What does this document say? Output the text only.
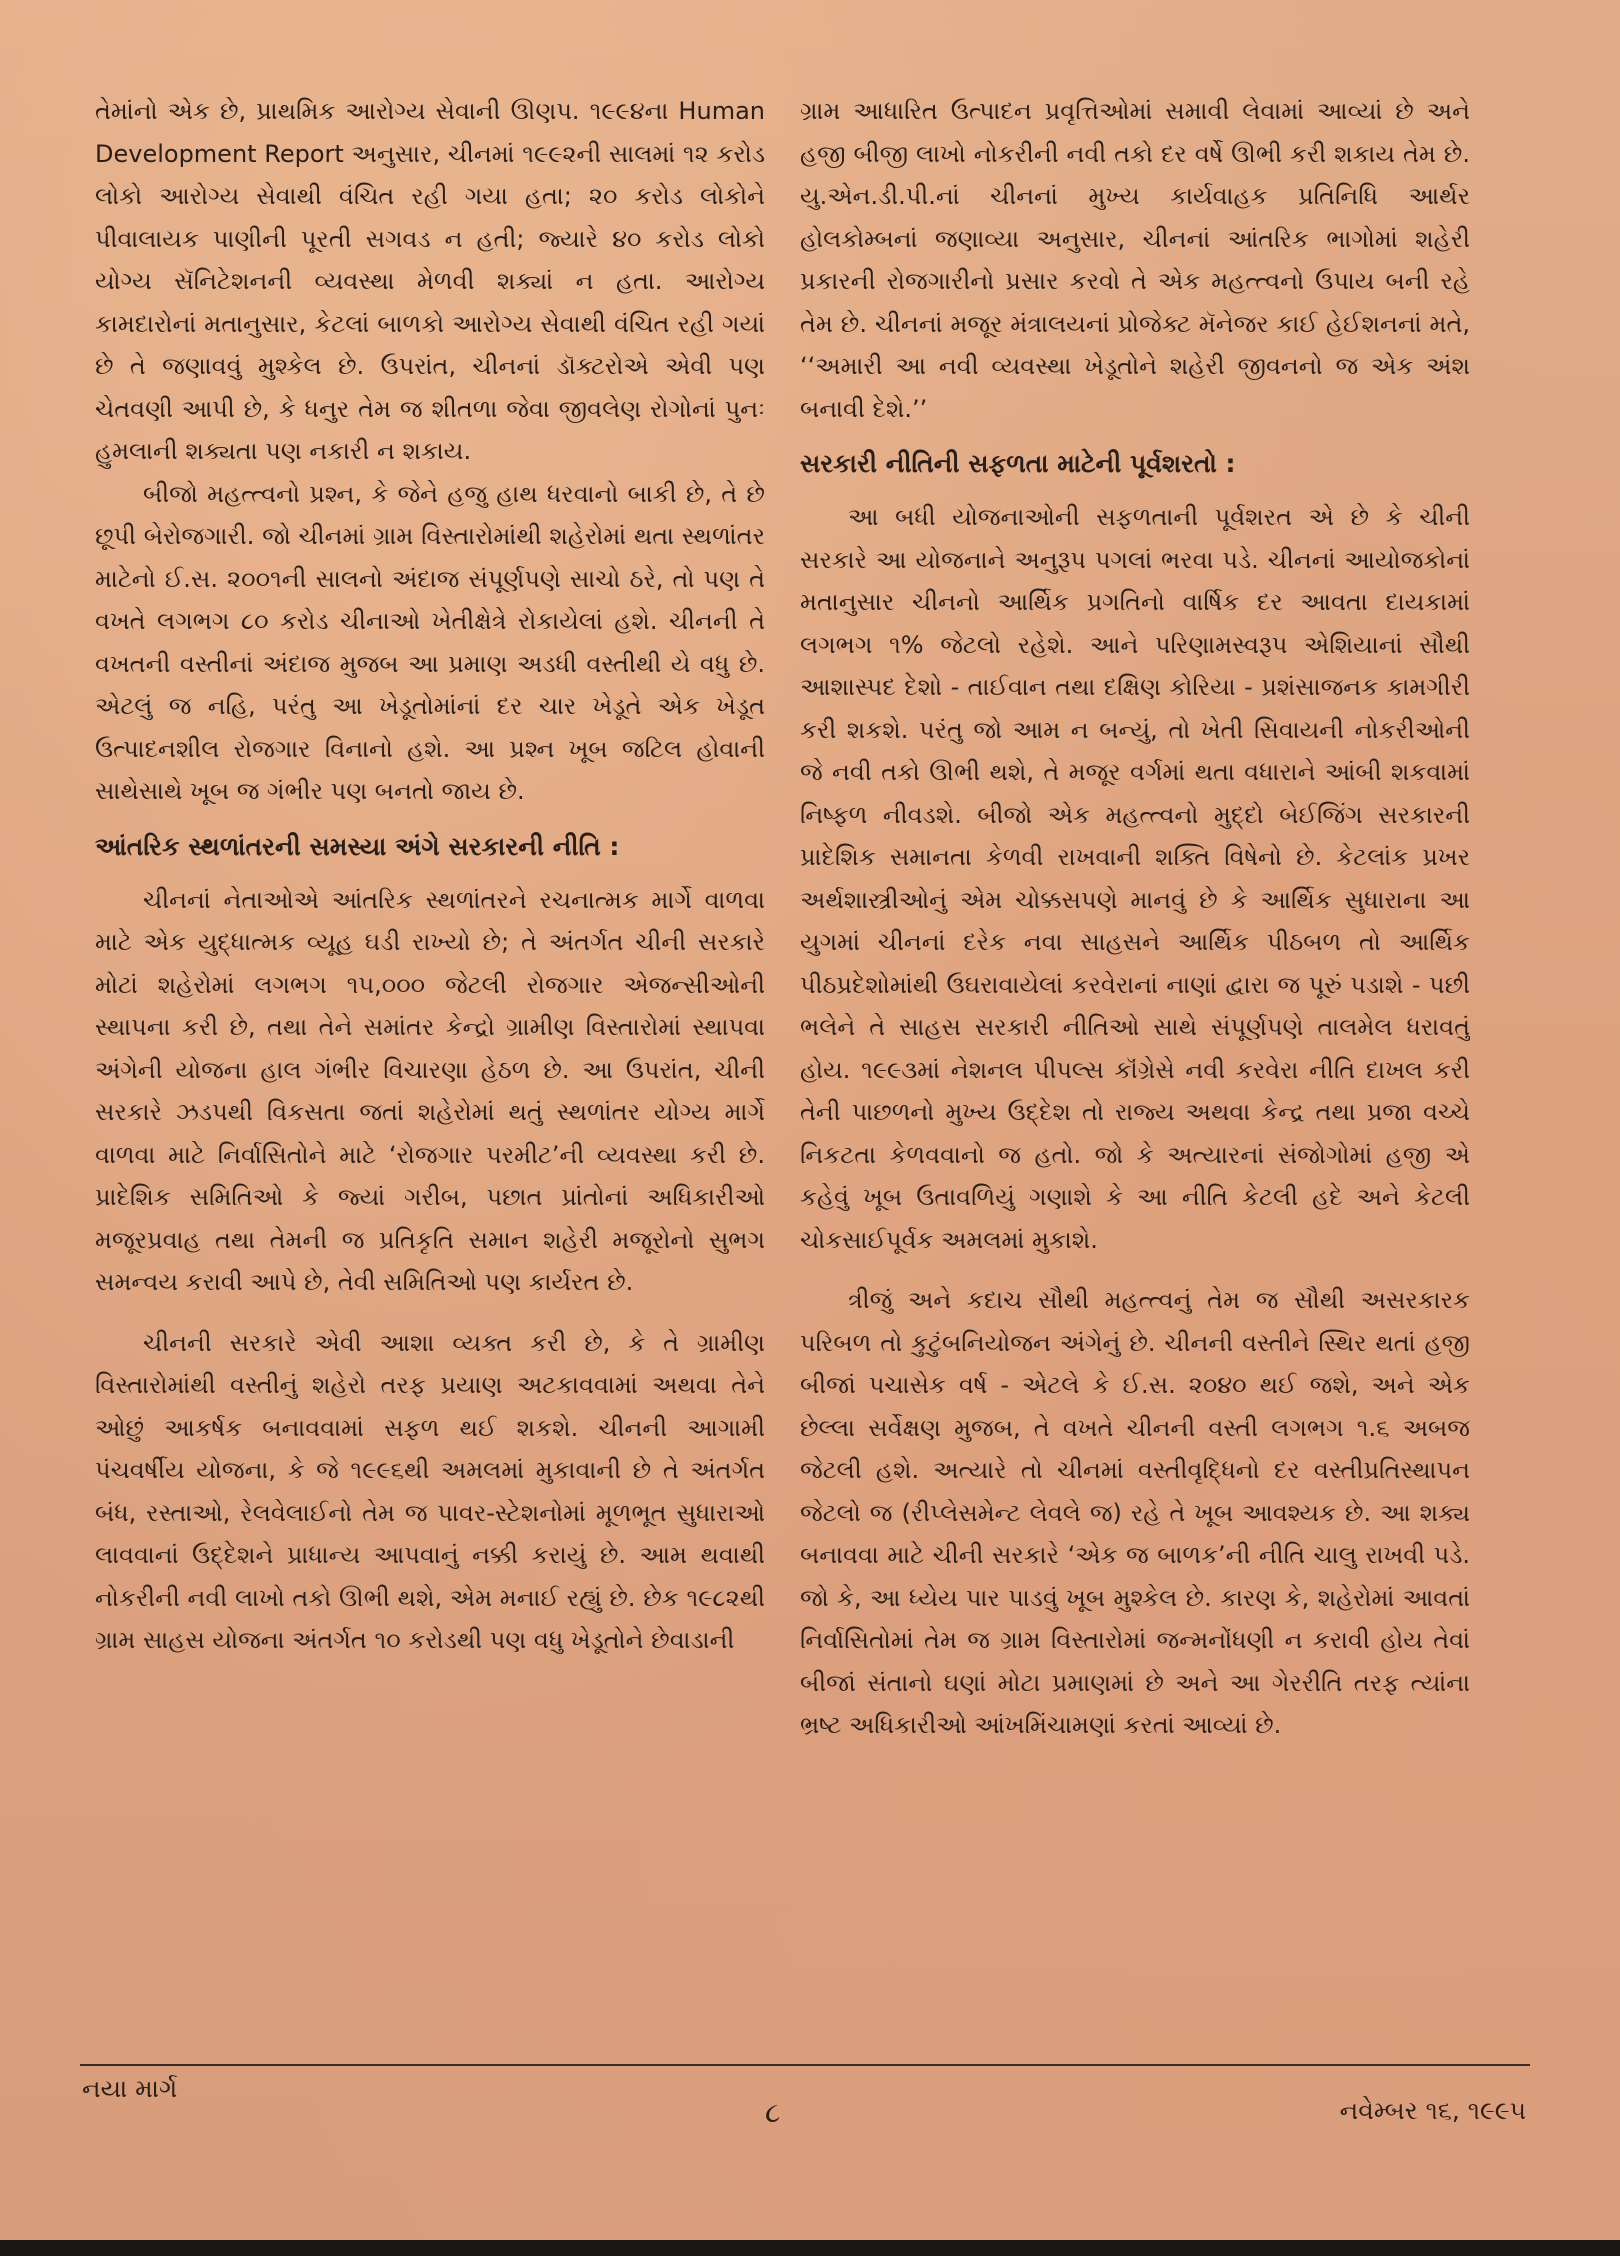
તેમાંનો એક છે, પ્રાથમિક આરોગ્ય સેવાની ઊણપ. ૧૯૯૪ના Human Development Report અનુસાર, ચીનમાં ૧૯૯૨ની સાલમાં ૧૨ કરોડ લોકો આરોગ્ય સેવાથી વંચિત રહી ગયા હતા; ૨૦ કરોડ લોકોને પીવાલાયક પાણીની પૂરતી સગવડ ન હતી; જ્યારે ૪૦ કરોડ લોકો યોગ્ય સૅનિટેશનની વ્યવસ્થા મેળવી શક્યાં ન હતા. આરોગ્ય કામદારોનાં મતાનુસાર, કેટલાં બાળકો આરોગ્ય સેવાથી વંચિત રહી ગયાં છે તે જણાવવું મુશ્કેલ છે. ઉપરાંત, ચીનનાં ડૉક્ટરોએ એવી પણ ચેતવણી આપી છે, કે ધનુર તેમ જ શીતળા જેવા જીવલેણ રોગોનાં પુનઃ હુમલાની શક્યતા પણ નકારી ન શકાય.

બીજો મહત્ત્વનો પ્રશ્ન, કે જેને હજુ હાથ ધરવાનો બાકી છે, તે છે છૂપી બેરોજગારી. જો ચીનમાં ગ્રામ વિસ્તારોમાંથી શહેરોમાં થતા સ્થળાંતર માટેનો ઈ.સ. ૨૦૦૧ની સાલનો અંદાજ સંપૂર્ણપણે સાચો ઠરે, તો પણ તે વખતે લગભગ ૮૦ કરોડ ચીનાઓ ખેતીક્ષેત્રે રોકાયેલાં હશે. ચીનની તે વખતની વસ્તીનાં અંદાજ મુજબ આ પ્રમાણ અડધી વસ્તીથી યે વધુ છે. એટલું જ નહિ, પરંતુ આ ખેડૂતોમાંનાં દર ચાર ખેડૂતે એક ખેડૂત ઉત્પાદનશીલ રોજગાર વિનાનો હશે. આ પ્રશ્ન ખૂબ જટિલ હોવાની સાથેસાથે ખૂબ જ ગંભીર પણ બનતો જાય છે.

આંતરિક સ્થળાંતરની સમસ્યા અંગે સરકારની નીતિ :

ચીનનાં નેતાઓએ આંતરિક સ્થળાંતરને રચનાત્મક માર્ગે વાળવા માટે એક યુદ્ધાત્મક વ્યૂહ ઘડી રાખ્યો છે; તે અંતર્ગત ચીની સરકારે મોટાં શહેરોમાં લગભગ ૧૫,૦૦૦ જેટલી રોજગાર એજન્સીઓની સ્થાપના કરી છે, તથા તેને સમાંતર કેન્દ્રો ગ્રામીણ વિસ્તારોમાં સ્થાપવા અંગેની યોજના હાલ ગંભીર વિચારણા હેઠળ છે. આ ઉપરાંત, ચીની સરકારે ઝડપથી વિકસતા જતાં શહેરોમાં થતું સ્થળાંતર યોગ્ય માર્ગે વાળવા માટે નિર્વાસિતોને માટે ‘રોજગાર પરમીટ’ની વ્યવસ્થા કરી છે. પ્રાદેશિક સમિતિઓ કે જ્યાં ગરીબ, પછાત પ્રાંતોનાં અધિકારીઓ મજૂરપ્રવાહ તથા તેમની જ પ્રતિકૃતિ સમાન શહેરી મજૂરોનો સુભગ સમન્વય કરાવી આપે છે, તેવી સમિતિઓ પણ કાર્યરત છે.

ચીનની સરકારે એવી આશા વ્યક્ત કરી છે, કે તે ગ્રામીણ વિસ્તારોમાંથી વસ્તીનું શહેરો તરફ પ્રયાણ અટકાવવામાં અથવા તેને ઓછું આકર્ષક બનાવવામાં સફળ થઈ શકશે. ચીનની આગામી પંચવર્ષીય યોજના, કે જે ૧૯૯૬થી અમલમાં મુકાવાની છે તે અંતર્ગત બંધ, રસ્તાઓ, રેલવેલાઈનો તેમ જ પાવર-સ્ટેશનોમાં મૂળભૂત સુધારાઓ લાવવાનાં ઉદ્દેશને પ્રાધાન્ય આપવાનું નક્કી કરાયું છે. આમ થવાથી નોકરીની નવી લાખો તકો ઊભી થશે, એમ મનાઈ રહ્યું છે. છેક ૧૯૮૨થી ગ્રામ સાહસ યોજના અંતર્ગત ૧૦ કરોડથી પણ વધુ ખેડૂતોને છેવાડાની

ગ્રામ આધારિત ઉત્પાદન પ્રવૃત્તિઓમાં સમાવી લેવામાં આવ્યાં છે અને હજી બીજી લાખો નોકરીની નવી તકો દર વર્ષે ઊભી કરી શકાય તેમ છે. યુ.એન.ડી.પી.નાં ચીનનાં મુખ્ય કાર્યવાહક પ્રતિનિધિ આર્થર હોલકોમ્બનાં જણાવ્યા અનુસાર, ચીનનાં આંતરિક ભાગોમાં શહેરી પ્રકારની રોજગારીનો પ્રસાર કરવો તે એક મહત્ત્વનો ઉપાય બની રહે તેમ છે. ચીનનાં મજૂર મંત્રાલયનાં પ્રોજેક્ટ મૅનેજર કાઈ હેઈશનનાં મતે, ‘‘અમારી આ નવી વ્યવસ્થા ખેડૂતોને શહેરી જીવનનો જ એક અંશ બનાવી દેશે.’’

સરકારી નીતિની સફળતા માટેની પૂર્વશરતો :

આ બધી યોજનાઓની સફળતાની પૂર્વશરત એ છે કે ચીની સરકારે આ યોજનાને અનુરૂપ પગલાં ભરવા પડે. ચીનનાં આયોજકોનાં મતાનુસાર ચીનનો આર્થિક પ્રગતિનો વાર્ષિક દર આવતા દાયકામાં લગભગ ૧% જેટલો રહેશે. આને પરિણામસ્વરૂપ એશિયાનાં સૌથી આશાસ્પદ દેશો - તાઈવાન તથા દક્ષિણ કોરિયા - પ્રશંસાજનક કામગીરી કરી શકશે. પરંતુ જો આમ ન બન્યું, તો ખેતી સિવાયની નોકરીઓની જે નવી તકો ઊભી થશે, તે મજૂર વર્ગમાં થતા વધારાને આંબી શકવામાં નિષ્ફળ નીવડશે. બીજો એક મહત્ત્વનો મુદ્દો બેઈજિંગ સરકારની પ્રાદેશિક સમાનતા કેળવી રાખવાની શક્તિ વિષેનો છે. કેટલાંક પ્રખર અર્થશાસ્ત્રીઓનું એમ ચોક્કસપણે માનવું છે કે આર્થિક સુધારાના આ યુગમાં ચીનનાં દરેક નવા સાહસને આર્થિક પીઠબળ તો આર્થિક પીઠપ્રદેશોમાંથી ઉઘરાવાયેલાં કરવેરાનાં નાણાં દ્વારા જ પૂરું પડાશે - પછી ભલેને તે સાહસ સરકારી નીતિઓ સાથે સંપૂર્ણપણે તાલમેલ ધરાવતું હોય. ૧૯૯૩માં નેશનલ પીપલ્સ કૉંગ્રેસે નવી કરવેરા નીતિ દાખલ કરી તેની પાછળનો મુખ્ય ઉદ્દેશ તો રાજ્ય અથવા કેન્દ્ર તથા પ્રજા વચ્ચે નિકટતા કેળવવાનો જ હતો. જો કે અત્યારનાં સંજોગોમાં હજી એ કહેવું ખૂબ ઉતાવળિયું ગણાશે કે આ નીતિ કેટલી હદે અને કેટલી ચોકસાઈપૂર્વક અમલમાં મુકાશે.

ત્રીજું અને કદાચ સૌથી મહત્ત્વનું તેમ જ સૌથી અસરકારક પરિબળ તો કુટુંબનિયોજન અંગેનું છે. ચીનની વસ્તીને સ્થિર થતાં હજી બીજાં પચાસેક વર્ષ - એટલે કે ઈ.સ. ૨૦૪૦ થઈ જશે, અને એક છેલ્લા સર્વેક્ષણ મુજબ, તે વખતે ચીનની વસ્તી લગભગ ૧.૬ અબજ જેટલી હશે. અત્યારે તો ચીનમાં વસ્તીવૃદ્ધિનો દર વસ્તીપ્રતિસ્થાપન જેટલો જ (રીપ્લેસમેન્ટ લેવલે જ) રહે તે ખૂબ આવશ્યક છે. આ શક્ય બનાવવા માટે ચીની સરકારે ‘એક જ બાળક’ની નીતિ ચાલુ રાખવી પડે. જો કે, આ ધ્યેય પાર પાડવું ખૂબ મુશ્કેલ છે. કારણ કે, શહેરોમાં આવતાં નિર્વાસિતોમાં તેમ જ ગ્રામ વિસ્તારોમાં જન્મનોંધણી ન કરાવી હોય તેવાં બીજાં સંતાનો ઘણાં મોટા પ્રમાણમાં છે અને આ ગેરરીતિ તરફ ત્યાંના ભ્રષ્ટ અધિકારીઓ આંખમિંચામણાં કરતાં આવ્યાં છે.

નયા માર્ગ
૮	નવેમ્બર ૧૬, ૧૯૯૫
